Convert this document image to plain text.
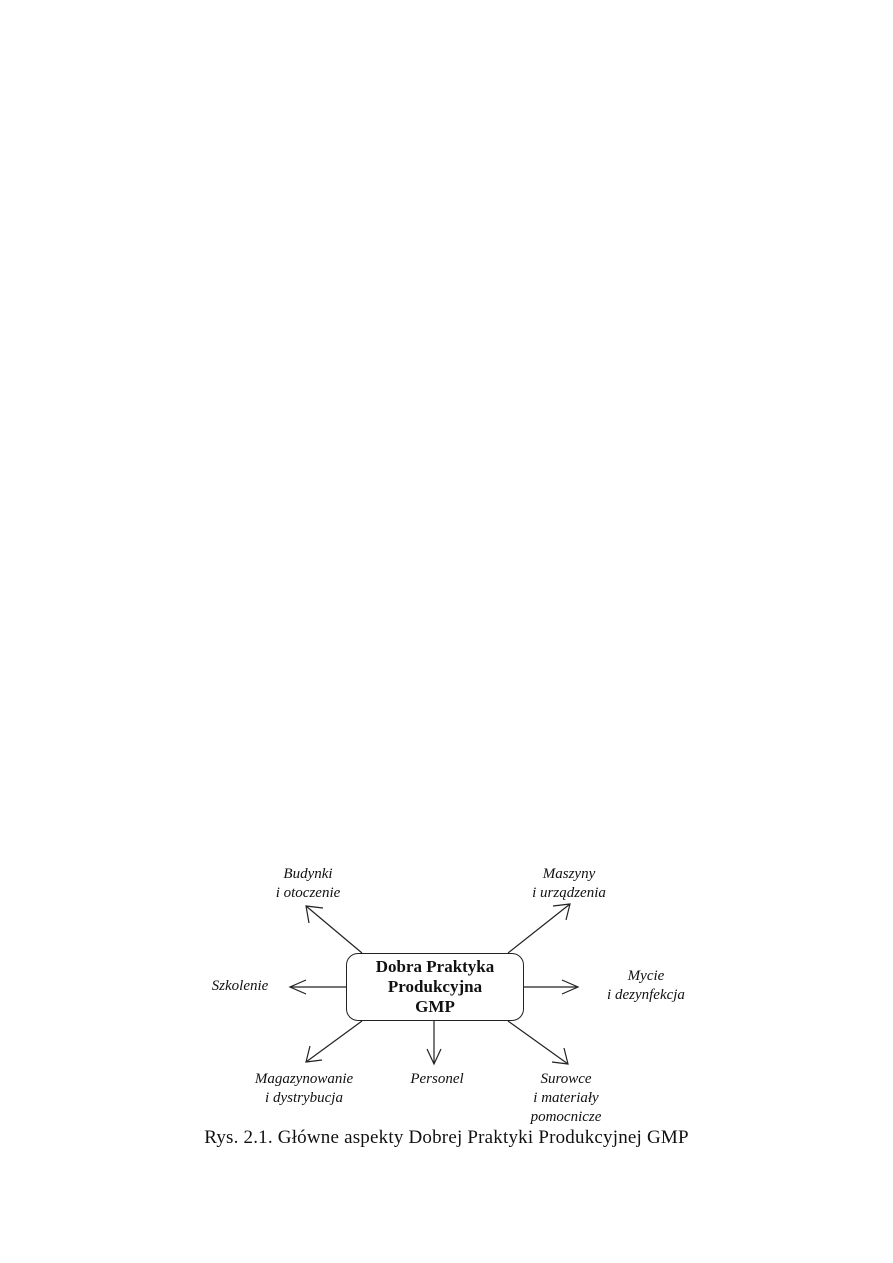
Dobra Praktyka
Produkcyjna
GMP
Budynki
i otoczenie
Maszyny
i urządzenia
Szkolenie
Mycie
i dezynfekcja
Magazynowanie
i dystrybucja
Personel	Surowce
i materiały
pomocnicze
Rys. 2.1. Główne aspekty Dobrej Praktyki Produkcyjnej GMP
